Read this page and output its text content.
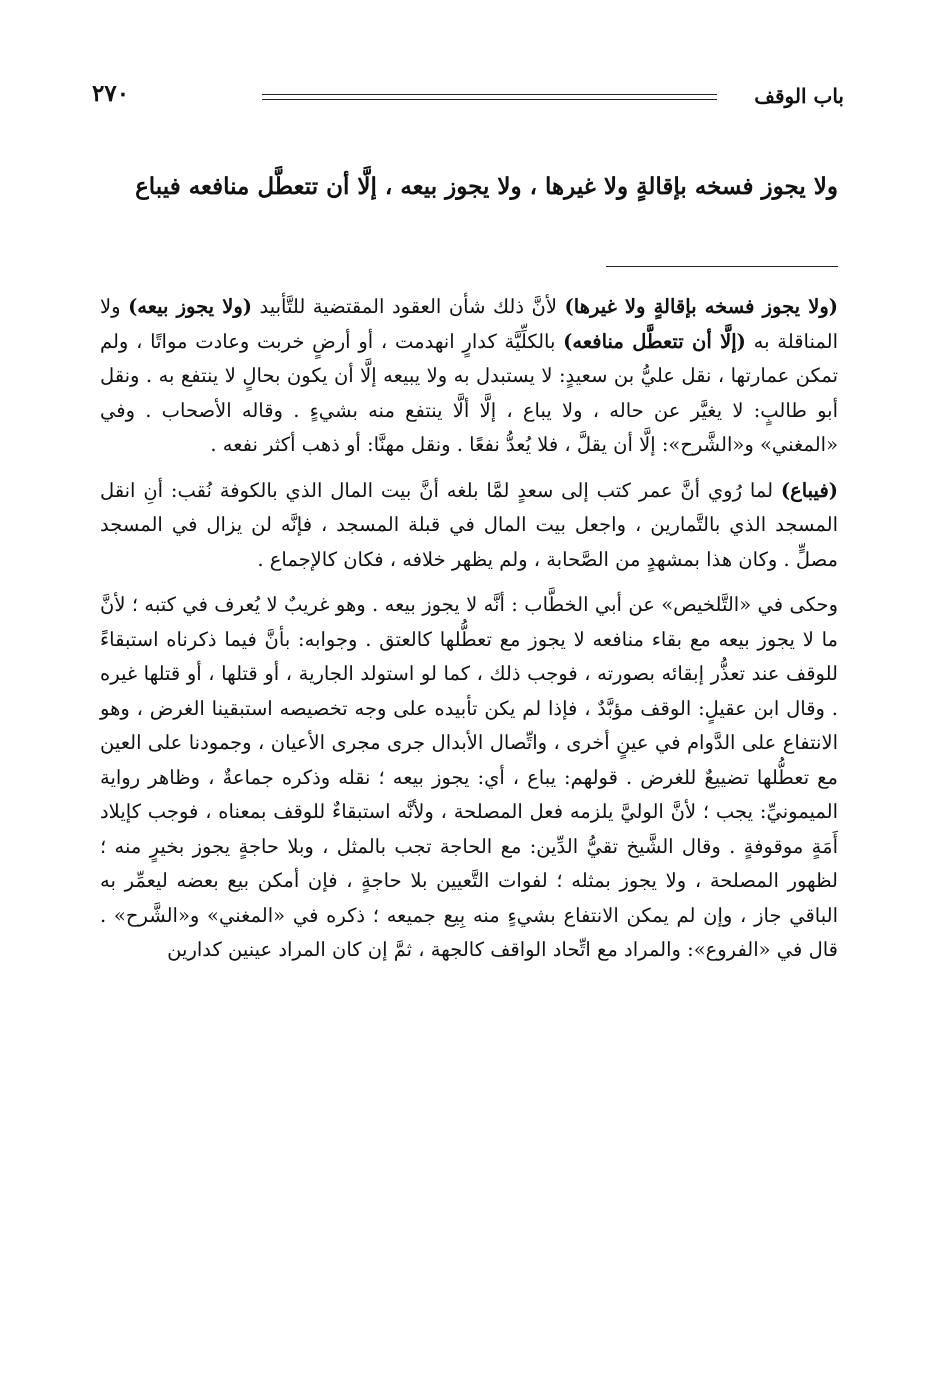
باب الوقف
٢٧٠
ولا يجوز فسخه بإقالةٍ ولا غيرها ، ولا يجوز بيعه ، إلَّا أن تتعطَّل منافعه فيباع

(ولا يجوز فسخه بإقالةٍ ولا غيرها) لأنَّ ذلك شأن العقود المقتضية للتَّأبيد (ولا يجوز بيعه) ولا المناقلة به (إلَّا أن تتعطَّل منافعه) بالكلِّيَّة كدارٍ انهدمت ، أو أرضٍ خربت وعادت مواتًا ، ولم تمكن عمارتها ، نقل عليُّ بن سعيدٍ: لا يستبدل به ولا يبيعه إلَّا أن يكون بحالٍ لا ينتفع به . ونقل أبو طالبٍ: لا يغيَّر عن حاله ، ولا يباع ، إلَّا ألَّا ينتفع منه بشيءٍ . وقاله الأصحاب . وفي «المغني» و«الشَّرح»: إلَّا أن يقلَّ ، فلا يُعدُّ نفعًا . ونقل مهنَّا: أو ذهب أكثر نفعه .

(فيباع) لما رُوي أنَّ عمر كتب إلى سعدٍ لمَّا بلغه أنَّ بيت المال الذي بالكوفة نُقب: أنِ انقل المسجد الذي بالتَّمارين ، واجعل بيت المال في قبلة المسجد ، فإنَّه لن يزال في المسجد مصلٍّ . وكان هذا بمشهدٍ من الصَّحابة ، ولم يظهر خلافه ، فكان كالإجماع .

وحكى في «التَّلخيص» عن أبي الخطَّاب : أنَّه لا يجوز بيعه . وهو غريبٌ لا يُعرف في كتبه ؛ لأنَّ ما لا يجوز بيعه مع بقاء منافعه لا يجوز مع تعطُّلها كالعتق . وجوابه: بأنَّ فيما ذكرناه استبقاءً للوقف عند تعذُّر إبقائه بصورته ، فوجب ذلك ، كما لو استولد الجارية ، أو قتلها ، أو قتلها غيره . وقال ابن عقيلٍ: الوقف مؤبَّدٌ ، فإذا لم يكن تأبيده على وجه تخصيصه استبقينا الغرض ، وهو الانتفاع على الدَّوام في عينٍ أخرى ، واتِّصال الأبدال جرى مجرى الأعيان ، وجمودنا على العين مع تعطُّلها تضييعٌ للغرض . قولهم: يباع ، أي: يجوز بيعه ؛ نقله وذكره جماعةٌ ، وظاهر رواية الميمونيِّ: يجب ؛ لأنَّ الوليَّ يلزمه فعل المصلحة ، ولأنَّه استبقاءٌ للوقف بمعناه ، فوجب كإيلاد أَمَةٍ موقوفةٍ . وقال الشَّيخ تقيُّ الدِّين: مع الحاجة تجب بالمثل ، وبلا حاجةٍ يجوز بخيرٍ منه ؛ لظهور المصلحة ، ولا يجوز بمثله ؛ لفوات التَّعيين بلا حاجةٍ ، فإن أمكن بيع بعضه ليعمِّر به الباقي جاز ، وإن لم يمكن الانتفاع بشيءٍ منه بِيع جميعه ؛ ذكره في «المغني» و«الشَّرح» . قال في «الفروع»: والمراد مع اتِّحاد الواقف كالجهة ، ثمَّ إن كان المراد عينين كدارين
